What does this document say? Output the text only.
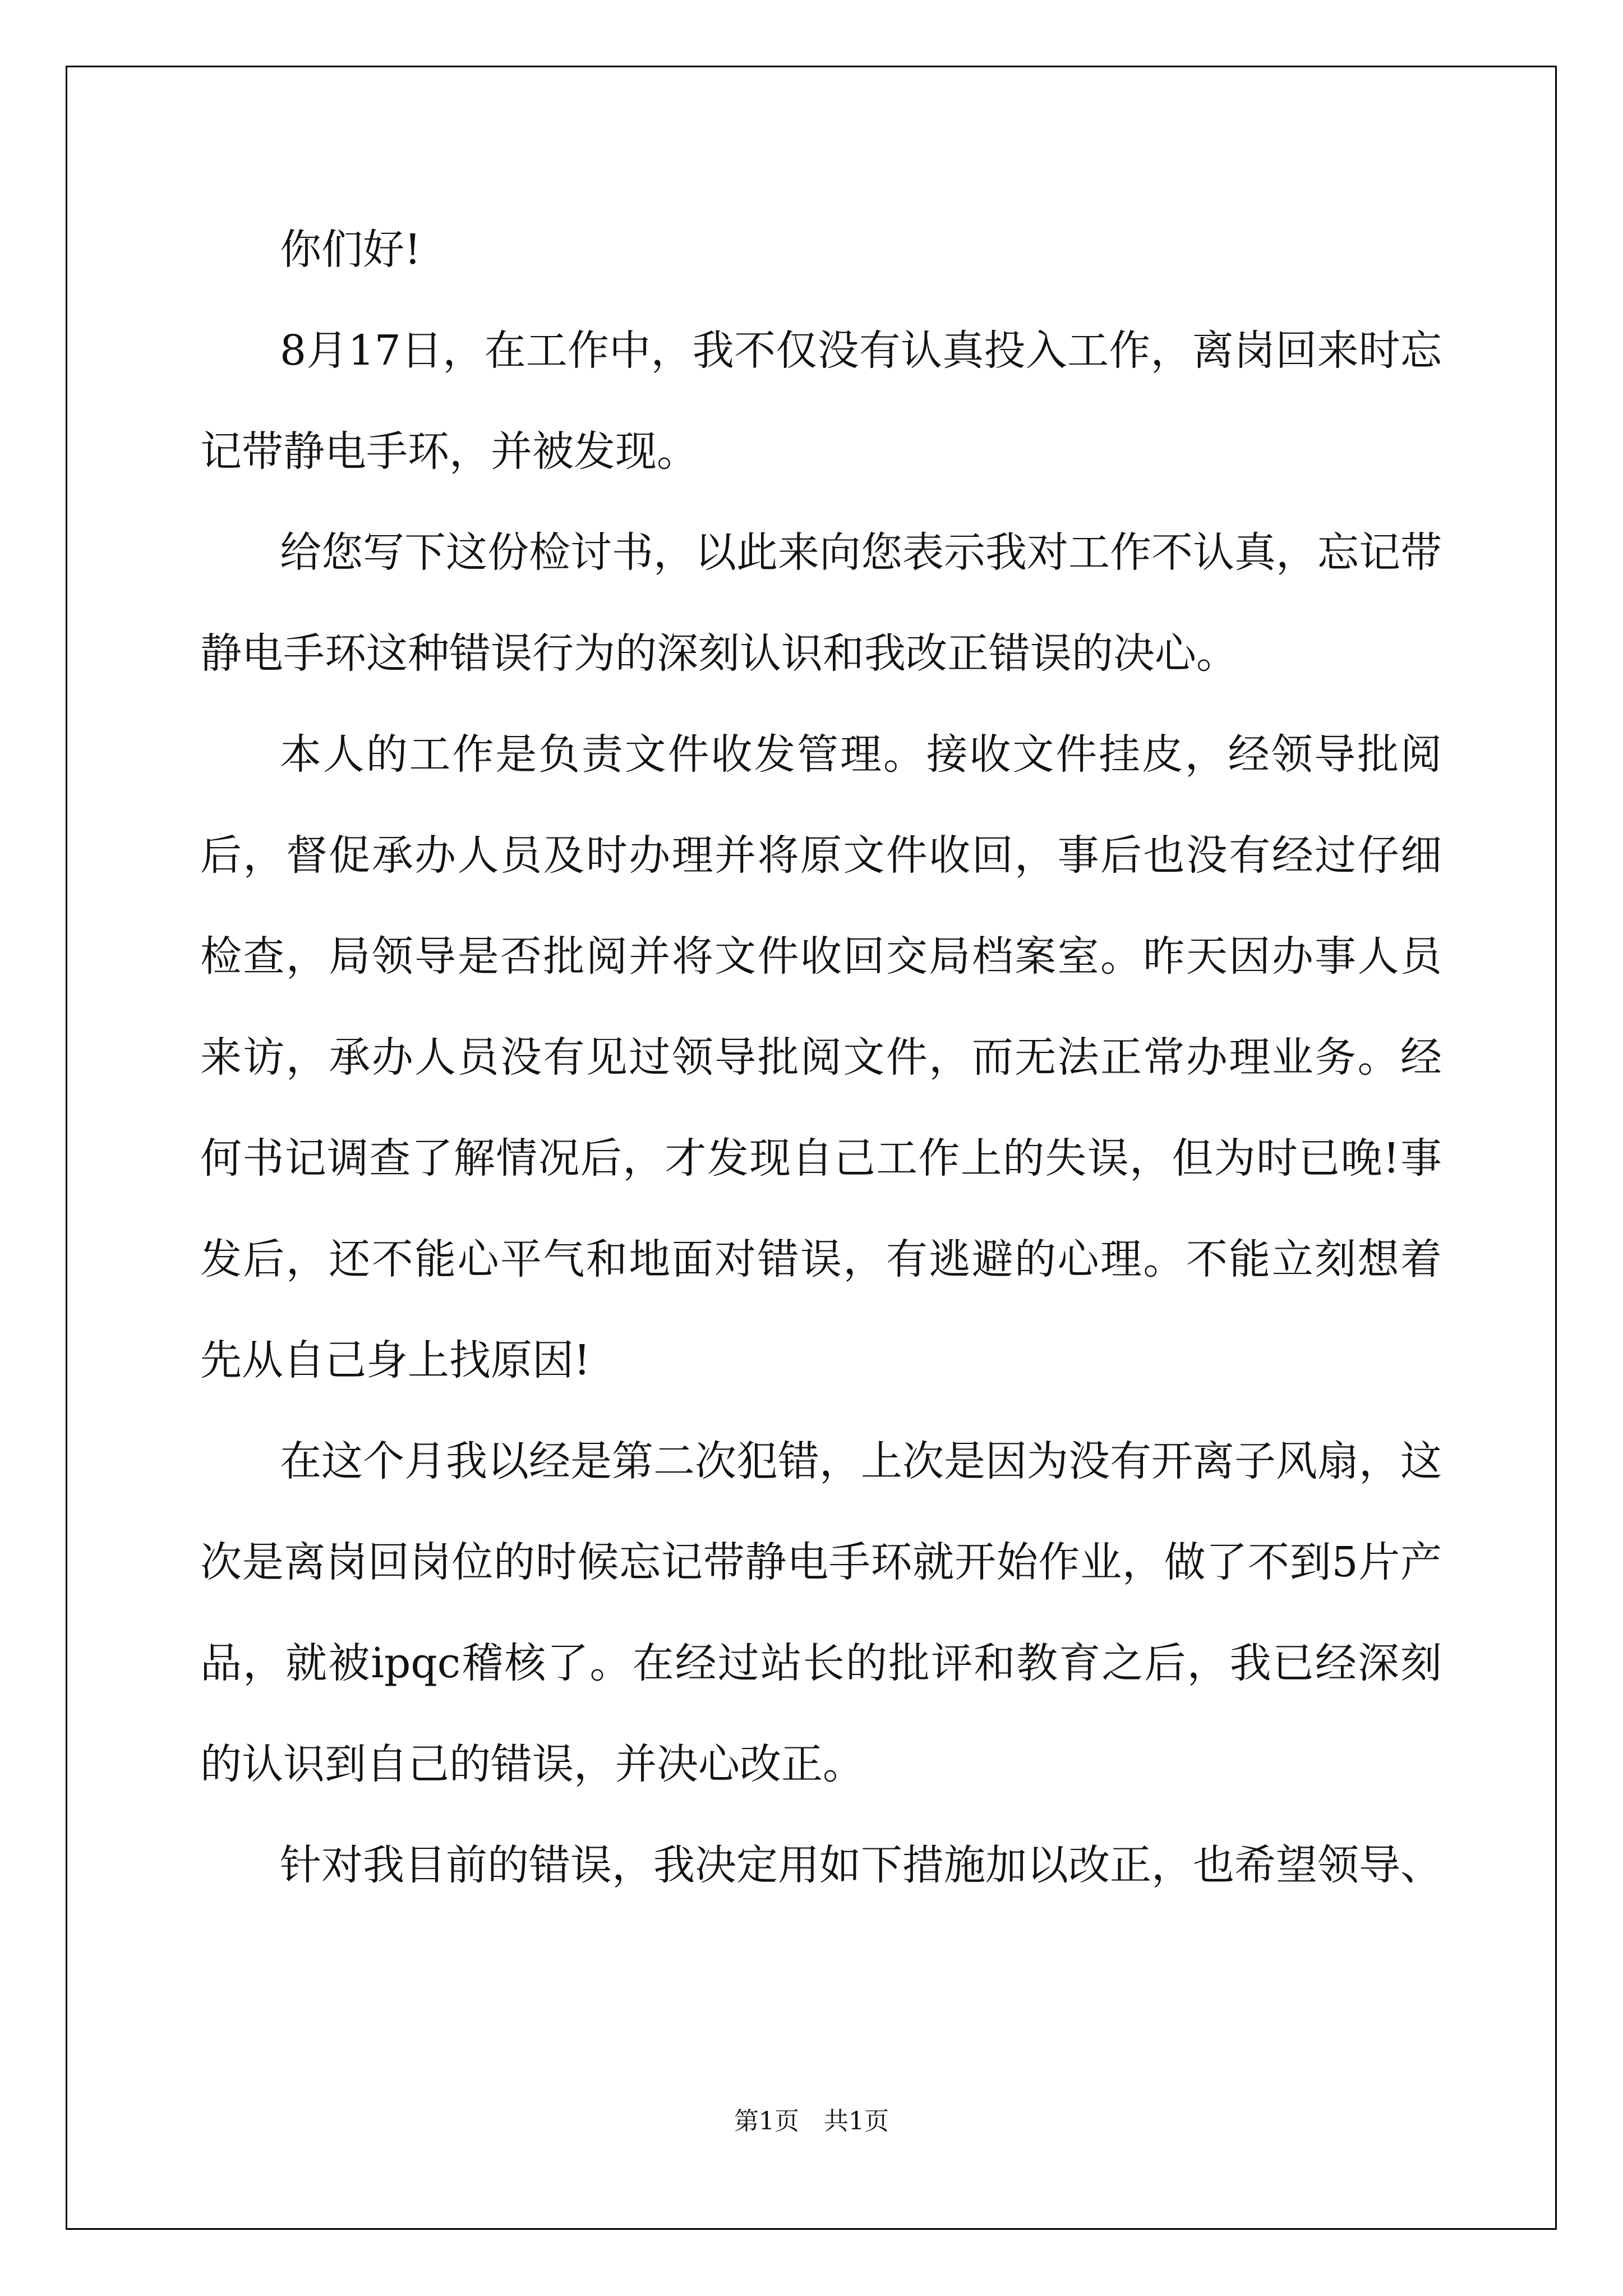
你们好!

8月17日，在工作中，我不仅没有认真投入工作，离岗回来时忘记带静电手环，并被发现。

给您写下这份检讨书，以此来向您表示我对工作不认真，忘记带静电手环这种错误行为的深刻认识和我改正错误的决心。

本人的工作是负责文件收发管理。接收文件挂皮，经领导批阅后，督促承办人员及时办理并将原文件收回，事后也没有经过仔细检查，局领导是否批阅并将文件收回交局档案室。昨天因办事人员来访，承办人员没有见过领导批阅文件，而无法正常办理业务。经何书记调查了解情况后，才发现自己工作上的失误，但为时已晚!事发后，还不能心平气和地面对错误，有逃避的心理。不能立刻想着先从自己身上找原因!

在这个月我以经是第二次犯错，上次是因为没有开离子风扇，这次是离岗回岗位的时候忘记带静电手环就开始作业，做了不到5片产品，就被ipqc稽核了。在经过站长的批评和教育之后，我已经深刻的认识到自己的错误，并决心改正。

针对我目前的错误，我决定用如下措施加以改正，也希望领导、

第1页　共1页
